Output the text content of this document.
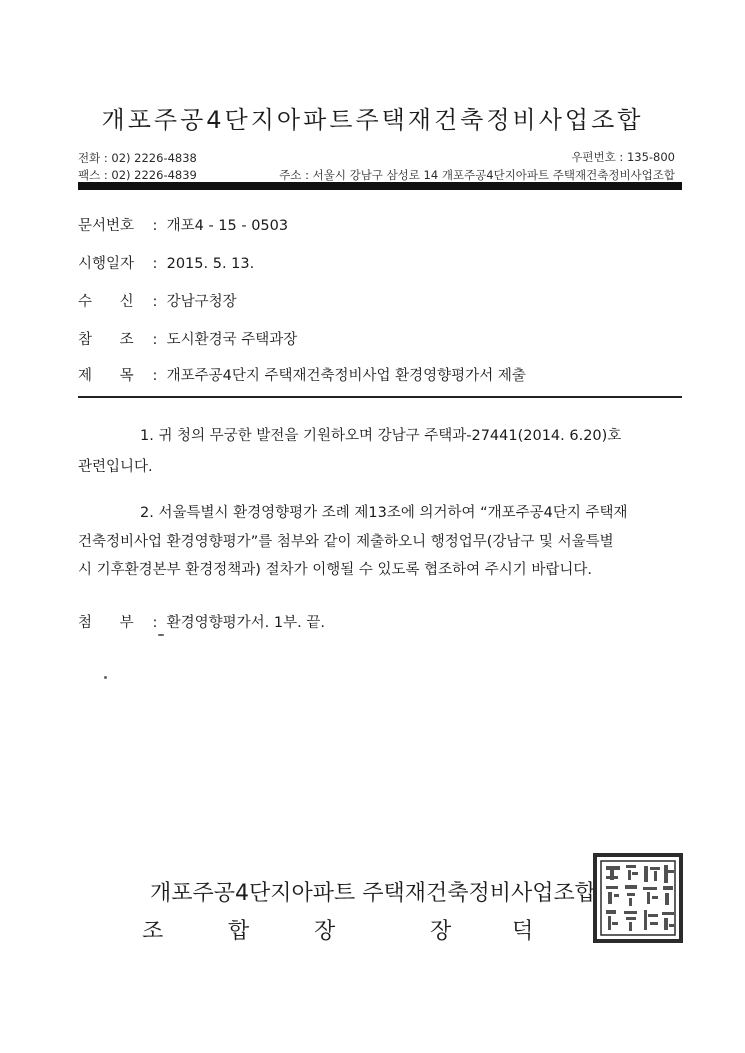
개포주공4단지아파트주택재건축정비사업조합
전화 : 02) 2226-4838
팩스 : 02) 2226-4839
우편번호 : 135-800
주소 : 서울시 강남구 삼성로 14 개포주공4단지아파트 주택재건축정비사업조합
문서번호 : 개포4 - 15 - 0503
시행일자 : 2015. 5. 13.
수      신 : 강남구청장
참      조 : 도시환경국 주택과장
제      목 : 개포주공4단지 주택재건축정비사업 환경영향평가서 제출
1. 귀 청의 무궁한 발전을 기원하오며 강남구 주택과-27441(2014. 6.20)호
관련입니다.
2. 서울특별시 환경영향평가 조례 제13조에 의거하여 “개포주공4단지 주택재
건축정비사업 환경영향평가”를 첨부와 같이 제출하오니 행정업무(강남구 및 서울특별
시 기후환경본부 환경정책과) 절차가 이행될 수 있도록 협조하여 주시기 바랍니다.
첨      부 : 환경영향평가서. 1부. 끝.
개포주공4단지아파트 주택재건축정비사업조합
조	합	장	장	덕
